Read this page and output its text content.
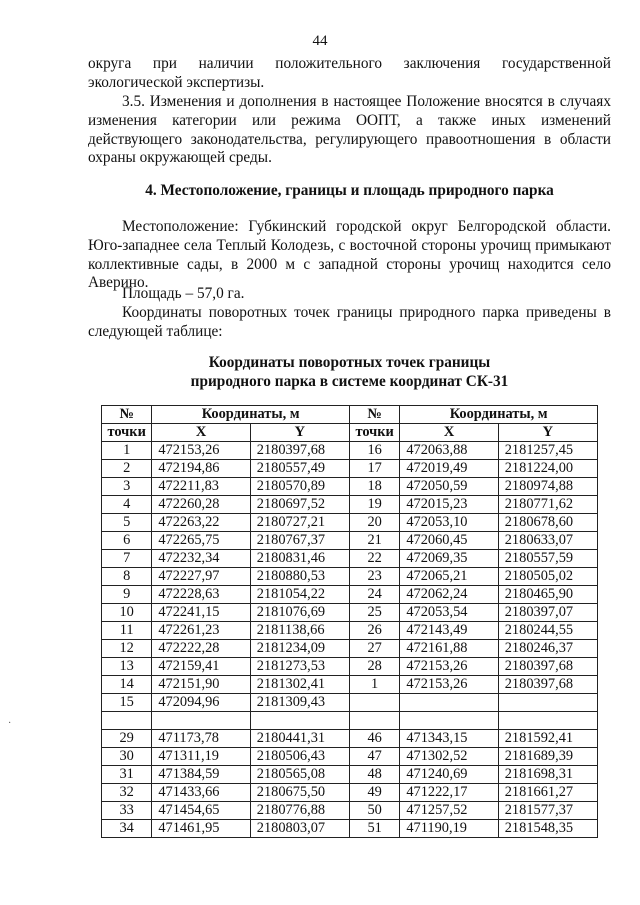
44

округа при наличии положительного заключения государственной экологической экспертизы.

3.5. Изменения и дополнения в настоящее Положение вносятся в случаях изменения категории или режима ООПТ, а также иных изменений действующего законодательства, регулирующего правоотношения в области охраны окружающей среды.

4. Местоположение, границы и площадь природного парка

Местоположение: Губкинский городской округ Белгородской области. Юго-западнее села Теплый Колодезь, с восточной стороны урочищ примыкают коллективные сады, в 2000 м с западной стороны урочищ находится село Аверино.

Площадь – 57,0 га.

Координаты поворотных точек границы природного парка приведены в следующей таблице:

Координаты поворотных точек границы
природного парка в системе координат СК-31
№	Координаты, м		№	Координаты, м	
точки	X	Y	точки	X	Y
1	472153,26	2180397,68	16	472063,88	2181257,45
2	472194,86	2180557,49	17	472019,49	2181224,00
3	472211,83	2180570,89	18	472050,59	2180974,88
4	472260,28	2180697,52	19	472015,23	2180771,62
5	472263,22	2180727,21	20	472053,10	2180678,60
6	472265,75	2180767,37	21	472060,45	2180633,07
7	472232,34	2180831,46	22	472069,35	2180557,59
8	472227,97	2180880,53	23	472065,21	2180505,02
9	472228,63	2181054,22	24	472062,24	2180465,90
10	472241,15	2181076,69	25	472053,54	2180397,07
11	472261,23	2181138,66	26	472143,49	2180244,55
12	472222,28	2181234,09	27	472161,88	2180246,37
13	472159,41	2181273,53	28	472153,26	2180397,68
14	472151,90	2181302,41	1	472153,26	2180397,68
15	472094,96	2181309,43			

29	471173,78	2180441,31	46	471343,15	2181592,41
30	471311,19	2180506,43	47	471302,52	2181689,39
31	471384,59	2180565,08	48	471240,69	2181698,31
32	471433,66	2180675,50	49	471222,17	2181661,27
33	471454,65	2180776,88	50	471257,52	2181577,37
34	471461,95	2180803,07	51	471190,19	2181548,35
·
